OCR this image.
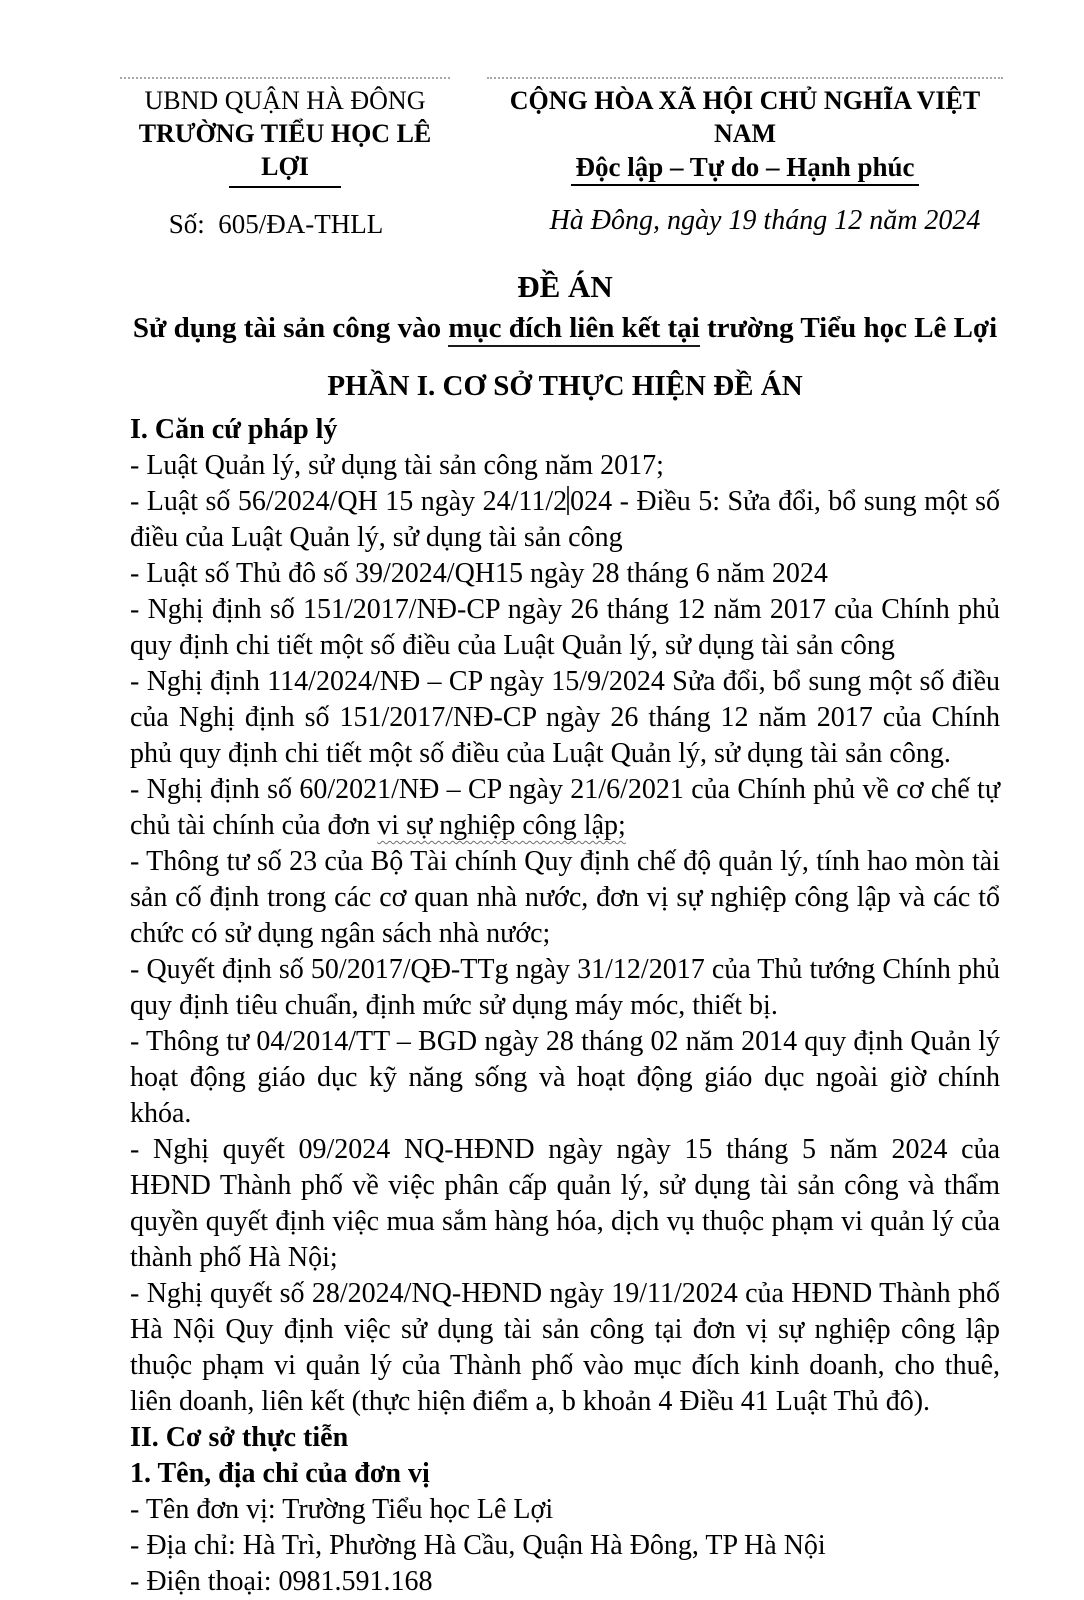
UBND QUẬN HÀ ĐÔNG
TRƯỜNG TIỂU HỌC LÊ LỢI
Số:  605/ĐA-THLL
CỘNG HÒA XÃ HỘI CHỦ NGHĨA VIỆT NAM
Độc lập – Tự do – Hạnh phúc
Hà Đông, ngày 19 tháng 12 năm 2024
ĐỀ ÁN
Sử dụng tài sản công vào mục đích liên kết tại trường Tiểu học Lê Lợi
PHẦN I. CƠ SỞ THỰC HIỆN ĐỀ ÁN

I. Căn cứ pháp lý

- Luật Quản lý, sử dụng tài sản công năm 2017;

- Luật số 56/2024/QH 15 ngày 24/11/2 024 - Điều 5: Sửa đổi, bổ sung một số điều của Luật Quản lý, sử dụng tài sản công

- Luật số Thủ đô số 39/2024/QH15 ngày 28 tháng 6 năm 2024

- Nghị định số 151/2017/NĐ-CP ngày 26 tháng 12 năm 2017 của Chính phủ quy định chi tiết một số điều của Luật Quản lý, sử dụng tài sản công

- Nghị định 114/2024/NĐ – CP ngày 15/9/2024 Sửa đổi, bổ sung một số điều của Nghị định số 151/2017/NĐ-CP ngày 26 tháng 12 năm 2017 của Chính phủ quy định chi tiết một số điều của Luật Quản lý, sử dụng tài sản công.

- Nghị định số 60/2021/NĐ – CP ngày 21/6/2021 của Chính phủ về cơ chế tự chủ tài chính của đơn vi sự nghiệp công lập;

- Thông tư số 23 của Bộ Tài chính Quy định chế độ quản lý, tính hao mòn tài sản cố định trong các cơ quan nhà nước, đơn vị sự nghiệp công lập và các tổ chức có sử dụng ngân sách nhà nước;

- Quyết định số 50/2017/QĐ-TTg ngày 31/12/2017 của Thủ tướng Chính phủ quy định tiêu chuẩn, định mức sử dụng máy móc, thiết bị.

- Thông tư 04/2014/TT – BGD ngày 28 tháng 02 năm 2014 quy định Quản lý hoạt động giáo dục kỹ năng sống và hoạt động giáo dục ngoài giờ chính khóa.

- Nghị quyết 09/2024 NQ-HĐND ngày ngày 15 tháng 5 năm 2024 của HĐND Thành phố về việc phân cấp quản lý, sử dụng tài sản công và thẩm quyền quyết định việc mua sắm hàng hóa, dịch vụ thuộc phạm vi quản lý của thành phố Hà Nội;

- Nghị quyết số 28/2024/NQ-HĐND ngày 19/11/2024 của HĐND Thành phố Hà Nội Quy định việc sử dụng tài sản công tại đơn vị sự nghiệp công lập thuộc phạm vi quản lý của Thành phố vào mục đích kinh doanh, cho thuê, liên doanh, liên kết (thực hiện điểm a, b khoản 4 Điều 41 Luật Thủ đô).

II. Cơ sở thực tiễn

1. Tên, địa chỉ của đơn vị

- Tên đơn vị: Trường Tiểu học Lê Lợi

- Địa chỉ: Hà Trì, Phường Hà Cầu, Quận Hà Đông, TP Hà Nội

- Điện thoại: 0981.591.168
